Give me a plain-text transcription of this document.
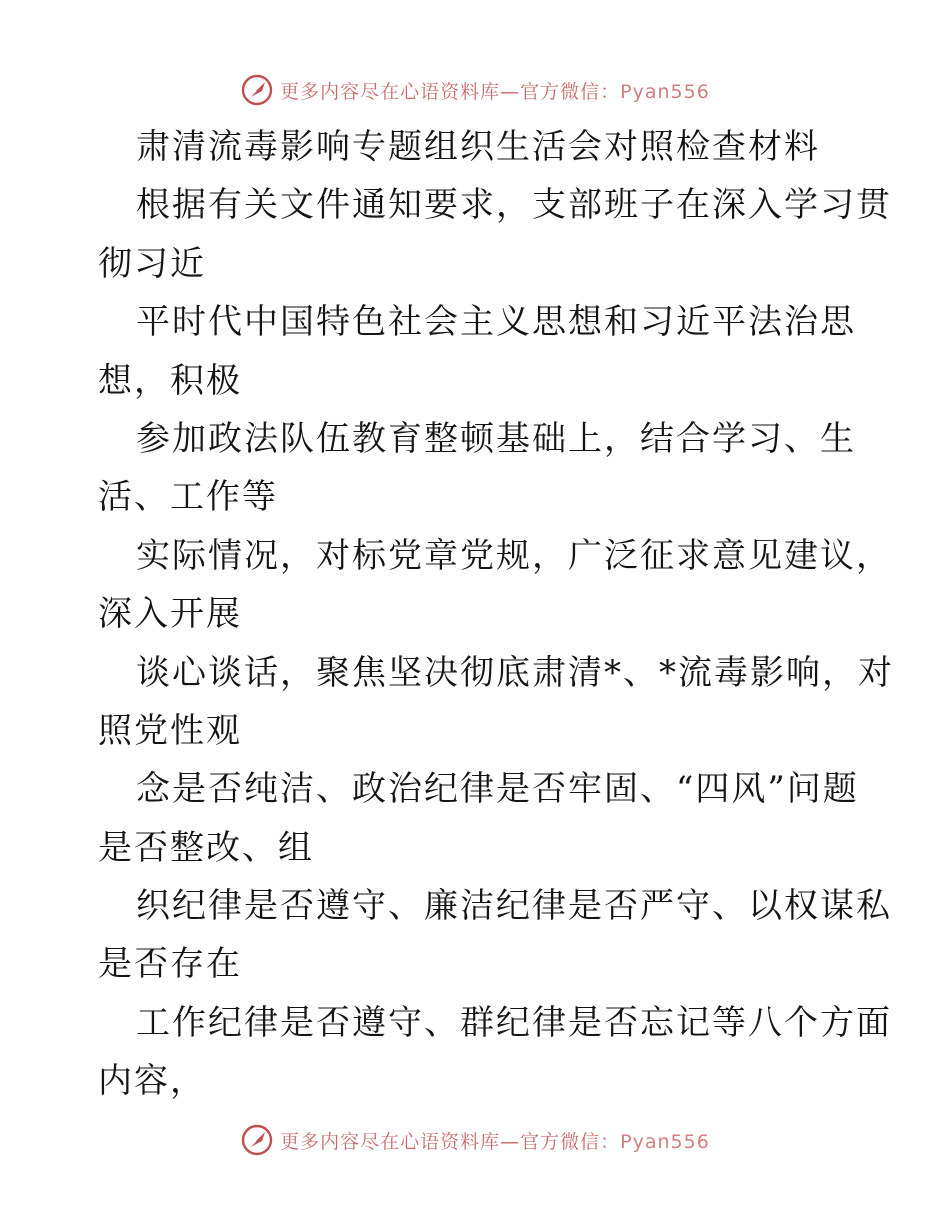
更多内容尽在心语资料库—官方微信：Pyan556
肃清流毒影响专题组织生活会对照检查材料
根据有关文件通知要求，支部班子在深入学习贯
彻习近
平时代中国特色社会主义思想和习近平法治思
想，积极
参加政法队伍教育整顿基础上，结合学习、生
活、工作等
实际情况，对标党章党规，广泛征求意见建议，
深入开展
谈心谈话，聚焦坚决彻底肃清*、*流毒影响，对
照党性观
念是否纯洁、政治纪律是否牢固、“四风”问题
是否整改、组
织纪律是否遵守、廉洁纪律是否严守、以权谋私
是否存在
工作纪律是否遵守、群纪律是否忘记等八个方面
内容，
更多内容尽在心语资料库—官方微信：Pyan556
